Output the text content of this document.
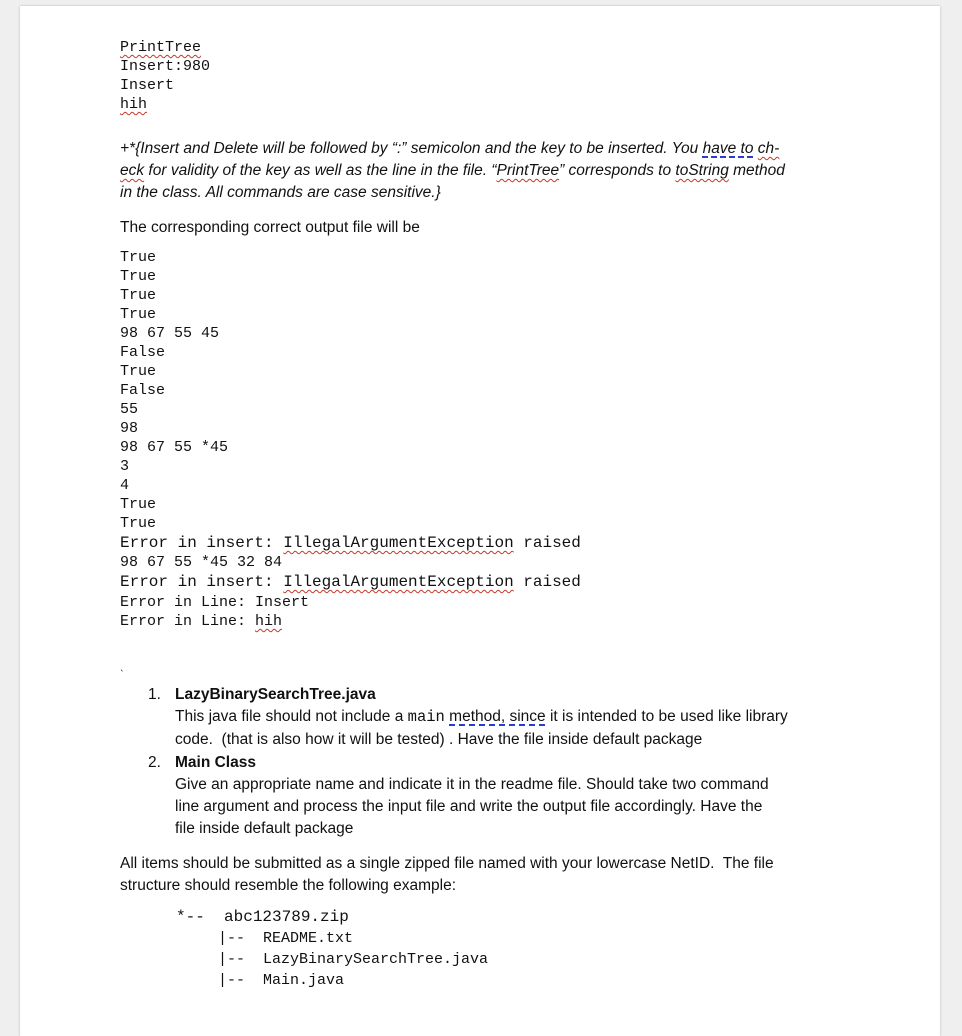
PrintTree
Insert:980
Insert
hih
+*{Insert and Delete will be followed by “:” semicolon and the key to be inserted. You have to ch-
eck for validity of the key as well as the line in the file. “PrintTree” corresponds to toString method
in the class. All commands are case sensitive.}
The corresponding correct output file will be
True
True
True
True
98 67 55 45
False
True
False
55
98
98 67 55 *45
3
4
True
True
Error in insert: IllegalArgumentException raised
98 67 55 *45 32 84
Error in insert: IllegalArgumentException raised
Error in Line: Insert
Error in Line: hih
ˎ
1. LazyBinarySearchTree.java
This java file should not include a main method, since it is intended to be used like library
code.  (that is also how it will be tested) . Have the file inside default package
2. Main Class
Give an appropriate name and indicate it in the readme file. Should take two command
line argument and process the input file and write the output file accordingly. Have the
file inside default package
All items should be submitted as a single zipped file named with your lowercase NetID.  The file
structure should resemble the following example:
*--  abc123789.zip
|--  README.txt
|--  LazyBinarySearchTree.java
|--  Main.java
